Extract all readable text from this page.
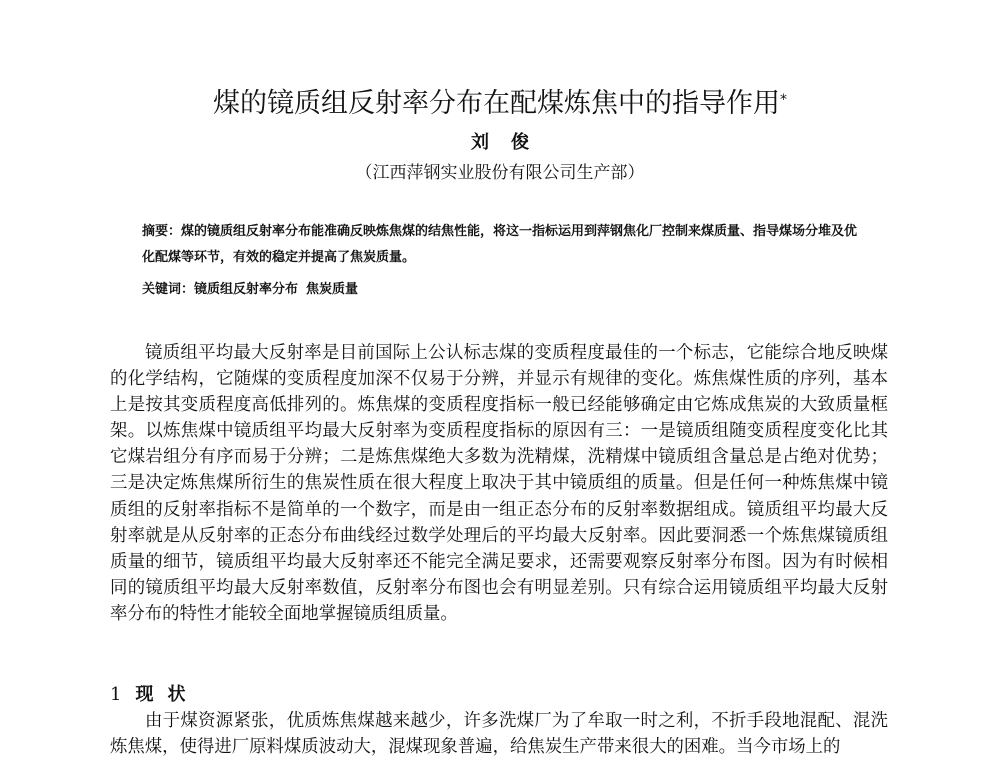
煤的镜质组反射率分布在配煤炼焦中的指导作用*
刘俊
（江西萍钢实业股份有限公司生产部）
摘要：煤的镜质组反射率分布能准确反映炼焦煤的结焦性能，将这一指标运用到萍钢焦化厂控制来煤质量、指导煤场分堆及优化配煤等环节，有效的稳定并提高了焦炭质量。
关键词：镜质组反射率分布 焦炭质量
镜质组平均最大反射率是目前国际上公认标志煤的变质程度最佳的一个标志，它能综合地反映煤的化学结构，它随煤的变质程度加深不仅易于分辨，并显示有规律的变化。炼焦煤性质的序列，基本上是按其变质程度高低排列的。炼焦煤的变质程度指标一般已经能够确定由它炼成焦炭的大致质量框架。以炼焦煤中镜质组平均最大反射率为变质程度指标的原因有三：一是镜质组随变质程度变化比其它煤岩组分有序而易于分辨；二是炼焦煤绝大多数为洗精煤，洗精煤中镜质组含量总是占绝对优势；三是决定炼焦煤所衍生的焦炭性质在很大程度上取决于其中镜质组的质量。但是任何一种炼焦煤中镜质组的反射率指标不是简单的一个数字，而是由一组正态分布的反射率数据组成。镜质组平均最大反射率就是从反射率的正态分布曲线经过数学处理后的平均最大反射率。因此要洞悉一个炼焦煤镜质组质量的细节，镜质组平均最大反射率还不能完全满足要求，还需要观察反射率分布图。因为有时候相同的镜质组平均最大反射率数值，反射率分布图也会有明显差别。只有综合运用镜质组平均最大反射率分布的特性才能较全面地掌握镜质组质量。
1 现状
由于煤资源紧张，优质炼焦煤越来越少，许多洗煤厂为了牟取一时之利，不折手段地混配、混洗炼焦煤，使得进厂原料煤质波动大，混煤现象普遍，给焦炭生产带来很大的困难。当今市场上的
